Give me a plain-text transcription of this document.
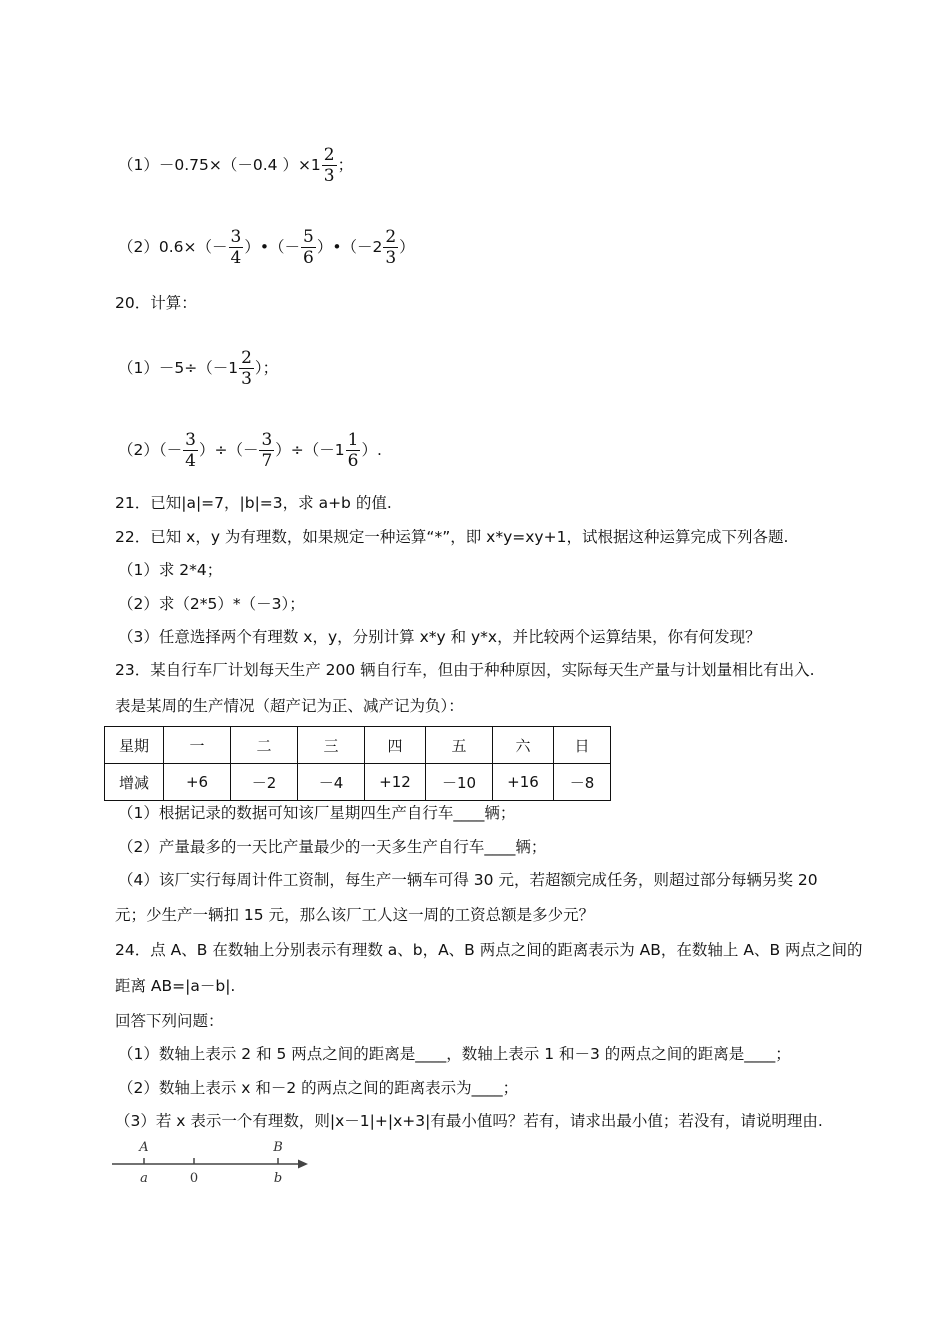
（1）－0.75×（－0.4 ）$\times 1 \frac{2}{3}$ ；
$(2)0.6\times(- \frac{3}{4}$ ）•（－ $\frac{5}{6}$ ）•（－2 $\frac{2}{3}$ ）
20．计算：
$(1)-5\div(-1 \frac{2}{3}$ ）；
$(2)(- \frac{3}{4}$ ）÷（－ $\frac{3}{7} )\div(-1 \frac{1}{6}$ ）.
21．已知|a|=7，|b|=3，求 a+b 的值.
22．已知 x，y 为有理数，如果规定一种运算“*”，即 x*y=xy+1，试根据这种运算完成下列各题.
（1）求 2*4；
（2）求（2*5）*（－3）；
（3）任意选择两个有理数 x，y，分别计算 x*y 和 y*x，并比较两个运算结果，你有何发现？
23．某自行车厂计划每天生产 200 辆自行车，但由于种种原因，实际每天生产量与计划量相比有出入.
表是某周的生产情况（超产记为正、减产记为负）：
星期	一	二	三	四	五	六	日
增减	+6	－2	－4	+12	－10	+16	－8
（1）根据记录的数据可知该厂星期四生产自行车____辆；
（2）产量最多的一天比产量最少的一天多生产自行车____辆；
（4）该厂实行每周计件工资制，每生产一辆车可得 30 元，若超额完成任务，则超过部分每辆另奖 20
元；少生产一辆扣 15 元，那么该厂工人这一周的工资总额是多少元？
24．点 A、B 在数轴上分别表示有理数 a、b，A、B 两点之间的距离表示为 AB，在数轴上 A、B 两点之间的
距离 AB=|a－b|.
回答下列问题：
（1）数轴上表示 2 和 5 两点之间的距离是____，数轴上表示 1 和－3 的两点之间的距离是____；
（2）数轴上表示 x 和－2 的两点之间的距离表示为____；
（3）若 x 表示一个有理数，则|x－1|+|x+3|有最小值吗？若有，请求出最小值；若没有，请说明理由.
A	B
a	0	b
